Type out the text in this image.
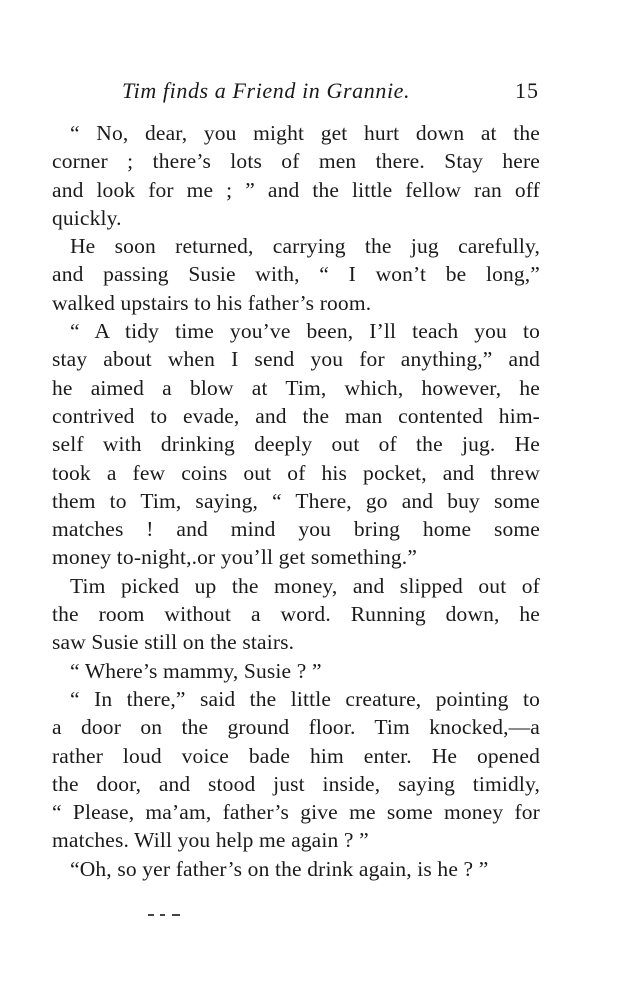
Tim finds a Friend in Grannie.	15
“ No, dear, you might get hurt down at the
corner ; there’s lots of men there. Stay here
and look for me ; ” and the little fellow ran off
quickly.
He soon returned, carrying the jug carefully,
and passing Susie with, “ I won’t be long,”
walked upstairs to his father’s room.
“ A tidy time you’ve been, I’ll teach you to
stay about when I send you for anything,” and
he aimed a blow at Tim, which, however, he
contrived to evade, and the man contented him-
self with drinking deeply out of the jug. He
took a few coins out of his pocket, and threw
them to Tim, saying, “ There, go and buy some
matches ! and mind you bring home some
money to-night,.or you’ll get something.”
Tim picked up the money, and slipped out of
the room without a word. Running down, he
saw Susie still on the stairs.
“ Where’s mammy, Susie ? ”
“ In there,” said the little creature, pointing to
a door on the ground floor. Tim knocked,—a
rather loud voice bade him enter. He opened
the door, and stood just inside, saying timidly,
“ Please, ma’am, father’s give me some money for
matches. Will you help me again ? ”
“Oh, so yer father’s on the drink again, is he ? ”
